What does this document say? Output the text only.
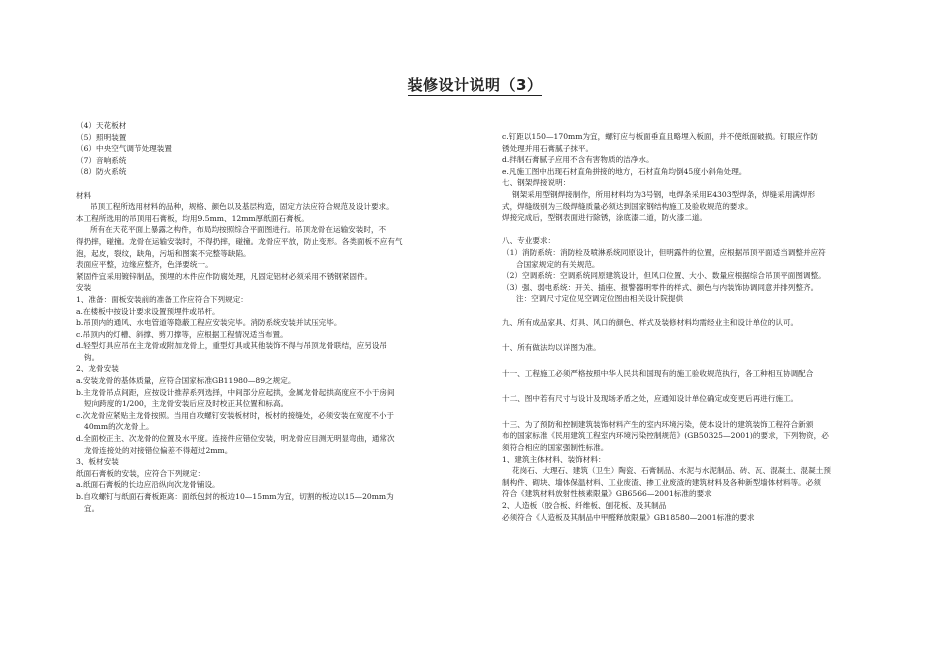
装修设计说明（3）

（4）天花板材

（5）照明装置

（6）中央空气调节处理装置

（7）音响系统

（8）防火系统

材料

吊顶工程所选用材料的品种，规格、颜色以及基层构造，固定方法应符合规范及设计要求。

本工程所选用的吊顶用石膏板，均用9.5mm、12mm厚纸面石膏板。

所有在天花平面上暴露之构件，布局均按照综合平面图进行。吊顶龙骨在运输安装时，不

得扔摔，碰撞。龙骨在运输安装时，不得扔摔，碰撞。龙骨应平放，防止变形。各类面板不应有气

泡，起皮，裂纹，缺角，污垢和图案不完整等缺陷。

表面应平整，边缘应整齐，色泽要统一。

紧固件宜采用镀锌制品，预埋的木件应作防腐处理，凡固定铝材必须采用不锈钢紧固件。

安装

1、准备：面板安装前的准备工作应符合下列规定：

a.在楼板中按设计要求设置预埋件或吊杆。

b.吊顶内的通风、水电管道等隐蔽工程应安装完毕。消防系统安装并试压完毕。

c.吊顶内的灯槽、斜撑、剪刀撑等，应根据工程情况适当布置。

d.轻型灯具应吊在主龙骨或附加龙骨上，重型灯具或其他装饰不得与吊顶龙骨联结，应另设吊

钩。

2、龙骨安装

a.安装龙骨的基体质量，应符合国家标准GB11980—89之规定。

b.主龙骨吊点间距，应按设计推荐系列选择，中间部分应起拱，金属龙骨起拱高度应不小于房间

短向跨度的1/200，主龙骨安装后应及时校正其位置和标高。

c.次龙骨应紧贴主龙骨按照。当用自攻螺钉安装板材时，板材的接缝处，必须安装在宽度不小于

40mm的次龙骨上。

d.全面校正主、次龙骨的位置及水平度。连接件应错位安装，明龙骨应目测无明显弯曲，通常次

龙骨连接处的对接错位偏差不得超过2mm。

3、板材安装

纸面石膏板的安装，应符合下列规定：

a.纸面石膏板的长边应沿纵向次龙骨铺设。

b.自攻螺钉与纸面石膏板距离：面纸包封的板边10—15mm为宜，切割的板边以15—20mm为

宜。

c.钉距以150—170mm为宜，螺钉应与板面垂直且略埋入板面，并不使纸面破损。钉眼应作防

锈处理并用石膏腻子抹平。

d.拌制石膏腻子应用不含有害物质的洁净水。

e.凡施工图中出现石材直角拼接的地方，石材直角均倒45度小斜角处理。

七、钢架焊接说明：

钢架采用型钢焊接制作，所用材料均为3号钢，电焊条采用E4303型焊条，焊缝采用满焊形

式，焊缝级别为三级焊缝质量必须达到国家钢结构施工及验收规范的要求。

焊接完成后，型钢表面进行除锈，涂底漆二道，防火漆二道。

八、专业要求：

（1）消防系统：消防栓及喷淋系统同原设计，但明露件的位置，应根据吊顶平面适当调整并应符

合国家规定的有关规范。

（2）空调系统：空调系统同原建筑设计，但风口位置、大小、数量应根据综合吊顶平面图调整。

（3）强、弱电系统：开关、插座、报警器明零件的样式、颜色与内装饰协调同意并排列整齐。

注：空调尺寸定位见空调定位图由相关设计院提供

九、所有成品家具、灯具、风口的颜色、样式及装修材料均需经业主和设计单位的认可。

十、所有做法均以详图为准。

十一、工程施工必须严格按照中华人民共和国现有的施工验收规范执行，各工种相互协调配合

十二、图中若有尺寸与设计及现场矛盾之处，应通知设计单位确定或变更后再进行施工。

十三、为了预防和控制建筑装饰材料产生的室内环境污染，使本设计的建筑装饰工程符合新颁

布的国家标准《民用建筑工程室内环境污染控制规范》(GB50325—2001)的要求，下列物资，必

须符合相应的国家强制性标准。

1、建筑主体材料、装饰材料：

花岗石、大理石、建筑（卫生）陶瓷、石膏制品、水泥与水泥制品、砖、瓦、混凝土、混凝土预

制构件、砌块、墙体保温材料、工业废渣、掺工业废渣的建筑材料及各种新型墙体材料等。必须

符合《建筑材料放射性核素限量》GB6566—2001标准的要求

2、人造板（胶合板、纤维板、刨花板、及其制品

必须符合《人造板及其制品中甲醛释放限量》GB18580—2001标准的要求
